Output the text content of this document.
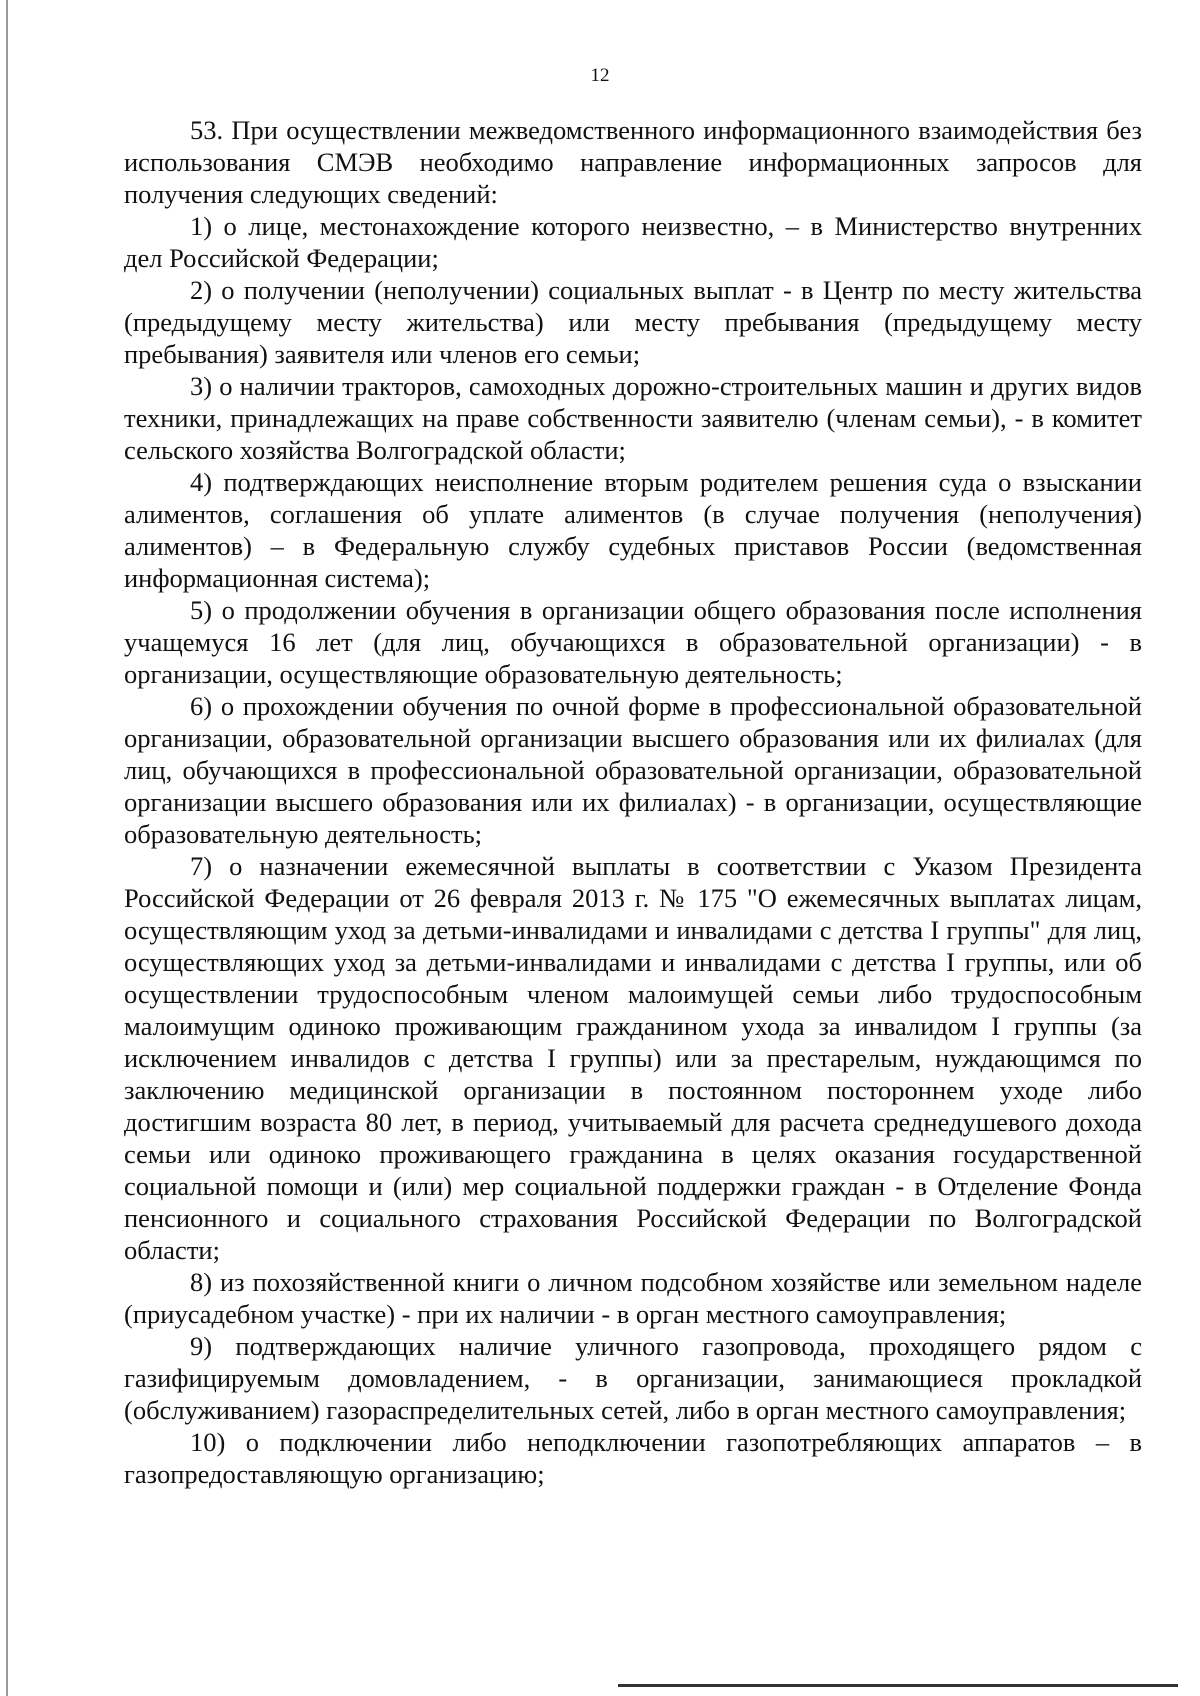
12

53. При осуществлении межведомственного информационного взаимодействия без использования СМЭВ необходимо направление информационных запросов для получения следующих сведений:

1) о лице, местонахождение которого неизвестно, – в Министерство внутренних дел Российской Федерации;

2) о получении (неполучении) социальных выплат - в Центр по месту жительства (предыдущему месту жительства) или месту пребывания (предыдущему месту пребывания) заявителя или членов его семьи;

3) о наличии тракторов, самоходных дорожно-строительных машин и других видов техники, принадлежащих на праве собственности заявителю (членам семьи), - в комитет сельского хозяйства Волгоградской области;

4) подтверждающих неисполнение вторым родителем решения суда о взыскании алиментов, соглашения об уплате алиментов (в случае получения (неполучения) алиментов) – в Федеральную службу судебных приставов России (ведомственная информационная система);

5) о продолжении обучения в организации общего образования после исполнения учащемуся 16 лет (для лиц, обучающихся в образовательной организации) - в организации, осуществляющие образовательную деятельность;

6) о прохождении обучения по очной форме в профессиональной образовательной организации, образовательной организации высшего образования или их филиалах (для лиц, обучающихся в профессиональной образовательной организации, образовательной организации высшего образования или их филиалах) - в организации, осуществляющие образовательную деятельность;

7) о назначении ежемесячной выплаты в соответствии с Указом Президента Российской Федерации от 26 февраля 2013 г. № 175 "О ежемесячных выплатах лицам, осуществляющим уход за детьми-инвалидами и инвалидами с детства I группы" для лиц, осуществляющих уход за детьми-инвалидами и инвалидами с детства I группы, или об осуществлении трудоспособным членом малоимущей семьи либо трудоспособным малоимущим одиноко проживающим гражданином ухода за инвалидом I группы (за исключением инвалидов с детства I группы) или за престарелым, нуждающимся по заключению медицинской организации в постоянном постороннем уходе либо достигшим возраста 80 лет, в период, учитываемый для расчета среднедушевого дохода семьи или одиноко проживающего гражданина в целях оказания государственной социальной помощи и (или) мер социальной поддержки граждан - в Отделение Фонда пенсионного и социального страхования Российской Федерации по Волгоградской области;

8) из похозяйственной книги о личном подсобном хозяйстве или земельном наделе (приусадебном участке) - при их наличии - в орган местного самоуправления;

9) подтверждающих наличие уличного газопровода, проходящего рядом с газифицируемым домовладением, - в организации, занимающиеся прокладкой (обслуживанием) газораспределительных сетей, либо в орган местного самоуправления;

10) о подключении либо неподключении газопотребляющих аппаратов – в газопредоставляющую организацию;
